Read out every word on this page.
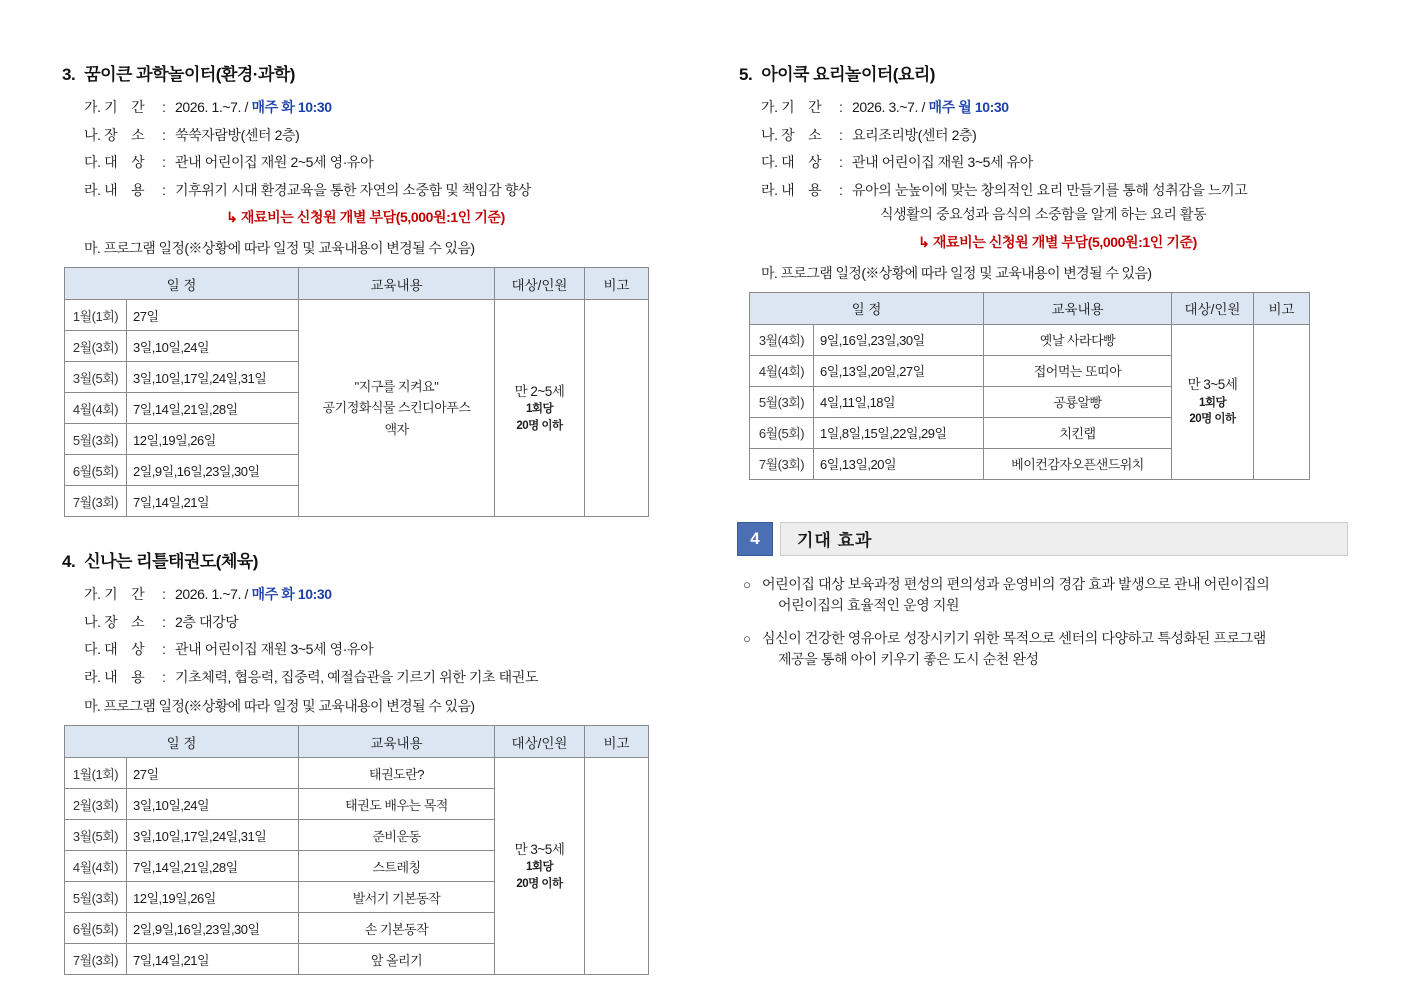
3. 꿈이큰 과학놀이터(환경·과학)
가. 기    간	: 2026. 1.~7. / 매주 화 10:30
나. 장    소	: 쑥쑥자람방(센터 2층)
다. 대    상	: 관내 어린이집 재원 2~5세 영·유아
라. 내    용	: 기후위기 시대 환경교육을 통한 자연의 소중함 및 책임감 향상
↳ 재료비는 신청원 개별 부담(5,000원:1인 기준)
마. 프로그램 일정(※상황에 따라 일정 및 교육내용이 변경될 수 있음)
일 정		교육내용	대상/인원	비고
1월(1회)	27일	
"지구를 지켜요"
공기정화식물 스킨디아푸스
액자

만 2~5세
1회당
20명 이하

2월(3회)	3일,10일,24일			
3월(5회)	3일,10일,17일,24일,31일			
4월(4회)	7일,14일,21일,28일			
5월(3회)	12일,19일,26일			
6월(5회)	2일,9일,16일,23일,30일			
7월(3회)	7일,14일,21일			
4. 신나는 리틀태권도(체육)
가. 기    간	: 2026. 1.~7. / 매주 화 10:30
나. 장    소	: 2층 대강당
다. 대    상	: 관내 어린이집 재원 3~5세 영·유아
라. 내    용	: 기초체력, 협응력, 집중력, 예절습관을 기르기 위한 기초 태권도
마. 프로그램 일정(※상황에 따라 일정 및 교육내용이 변경될 수 있음)
일 정		교육내용	대상/인원	비고
1월(1회)	27일	태권도란?	만 3~5세
1회당
20명 이하	

2월(3회)	3일,10일,24일	태권도 배우는 목적		
3월(5회)	3일,10일,17일,24일,31일	준비운동		
4월(4회)	7일,14일,21일,28일	스트레칭		
5월(3회)	12일,19일,26일	발서기 기본동작		
6월(5회)	2일,9일,16일,23일,30일	손 기본동작		
7월(3회)	7일,14일,21일	앞 올리기		
5. 아이쿡 요리놀이터(요리)
가. 기    간	: 2026. 3.~7. / 매주 월 10:30
나. 장    소	: 요리조리방(센터 2층)
다. 대    상	: 관내 어린이집 재원 3~5세 유아
라. 내    용	: 유아의 눈높이에 맞는 창의적인 요리 만들기를 통해 성취감을 느끼고
식생활의 중요성과 음식의 소중함을 알게 하는 요리 활동
↳ 재료비는 신청원 개별 부담(5,000원:1인 기준)
마. 프로그램 일정(※상황에 따라 일정 및 교육내용이 변경될 수 있음)
일 정		교육내용	대상/인원	비고
3월(4회)	9일,16일,23일,30일	옛날 사라다빵	만 3~5세
1회당
20명 이하	

4월(4회)	6일,13일,20일,27일	접어먹는 또띠아		
5월(3회)	4일,11일,18일	공룡알빵		
6월(5회)	1일,8일,15일,22일,29일	치킨랩		
7월(3회)	6일,13일,20일	베이컨감자오픈샌드위치		
4	기대 효과
○ 어린이집 대상 보육과정 편성의 편의성과 운영비의 경감 효과 발생으로 관내 어린이집의
어린이집의 효율적인 운영 지원
○ 심신이 건강한 영유아로 성장시키기 위한 목적으로 센터의 다양하고 특성화된 프로그램
제공을 통해 아이 키우기 좋은 도시 순천 완성
